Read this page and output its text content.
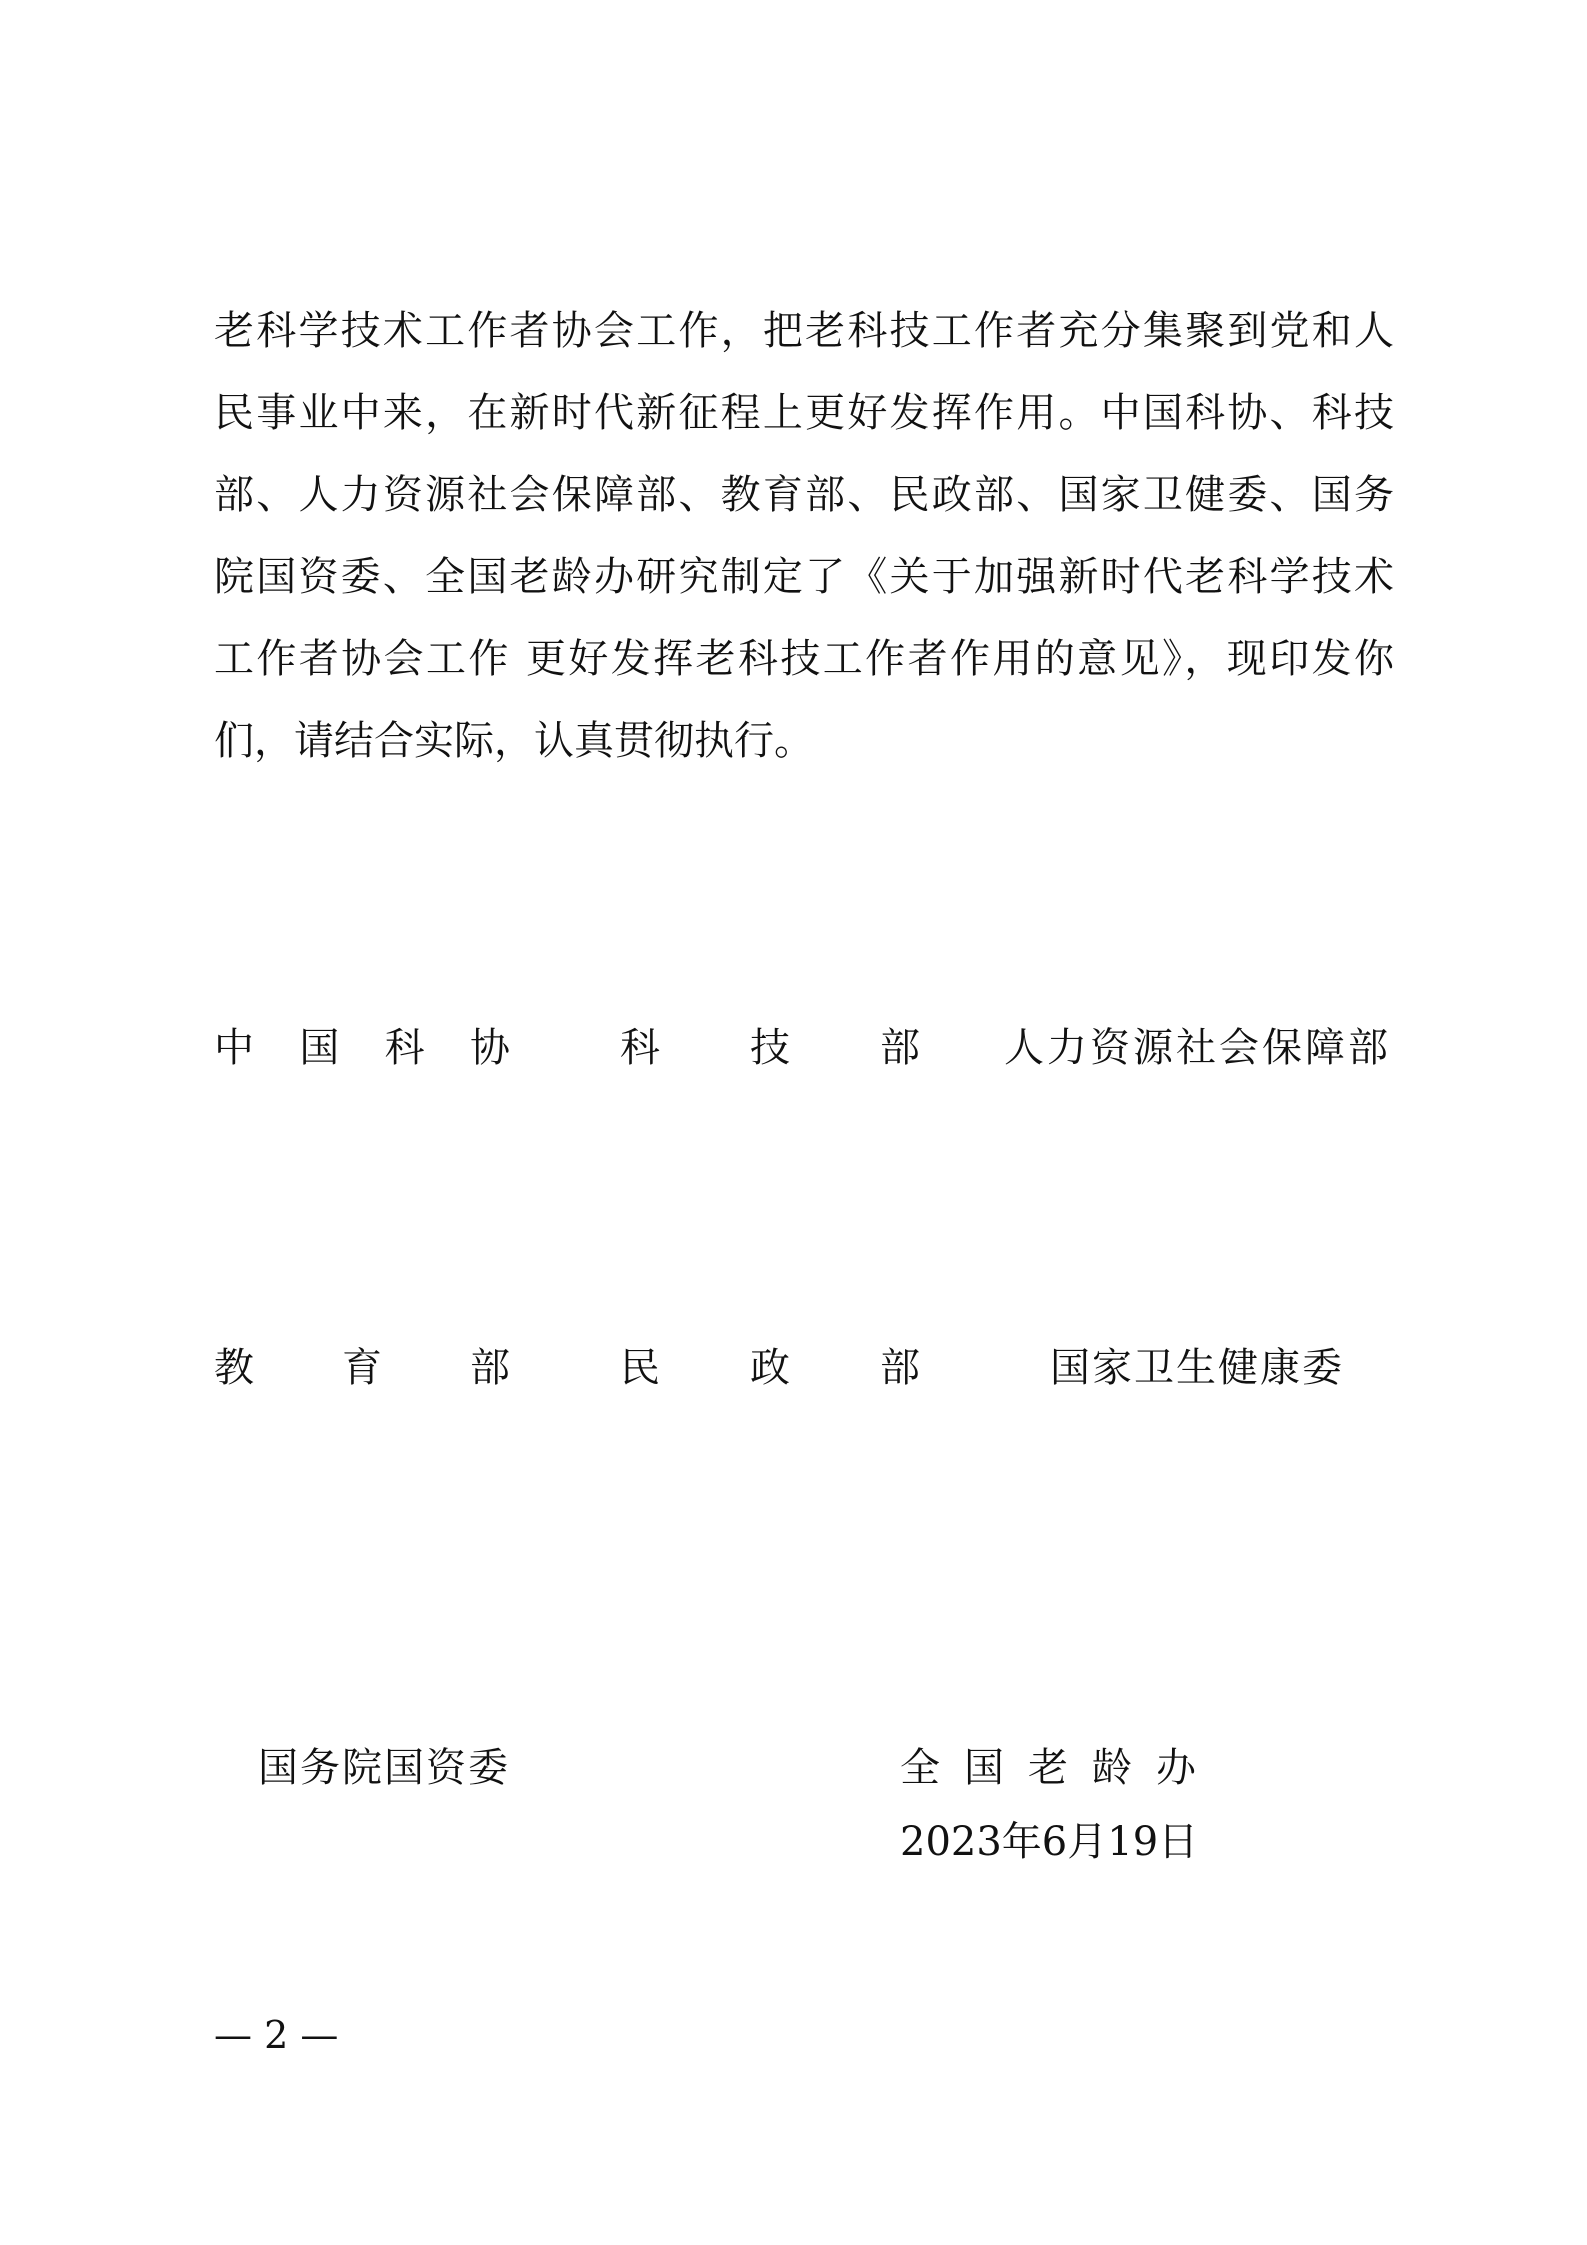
老科学技术工作者协会工作，把老科技工作者充分集聚到党和人
民事业中来，在新时代新征程上更好发挥作用。中国科协、科技
部、人力资源社会保障部、教育部、民政部、国家卫健委、国务
院国资委、全国老龄办研究制定了《关于加强新时代老科学技术
工作者协会工作 更好发挥老科技工作者作用的意见》，现印发你
们，请结合实际，认真贯彻执行。
中国科协	科技部 人力资源社会保障部
教育部	民政部	国家卫生健康委
国务院国资委	全国老龄办
2023年6月19日
— 2 —
